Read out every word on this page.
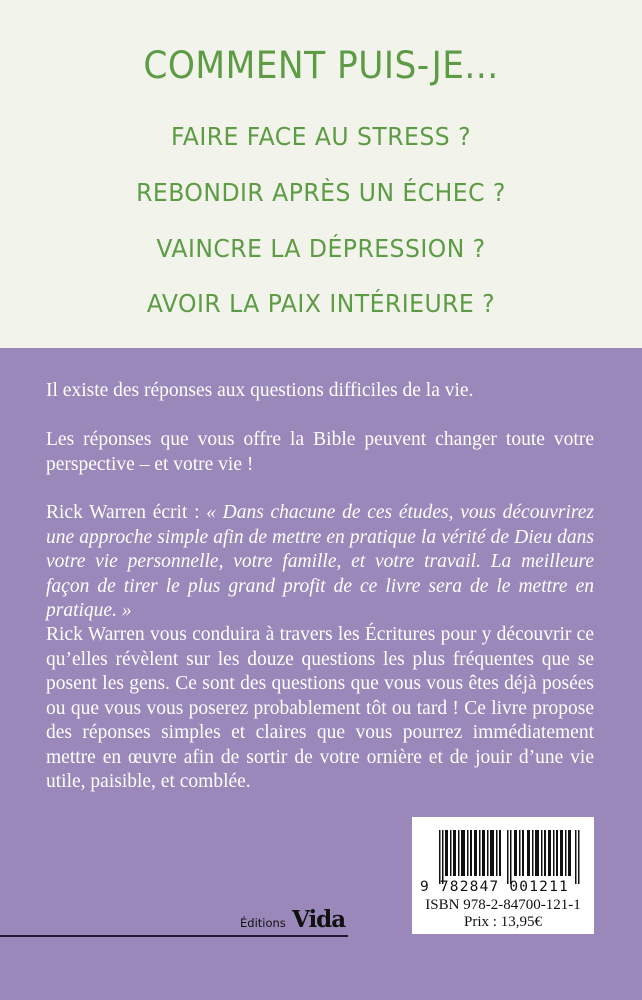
COMMENT PUIS-JE...
FAIRE FACE AU STRESS ?
REBONDIR APRÈS UN ÉCHEC ?
VAINCRE LA DÉPRESSION ?
AVOIR LA PAIX INTÉRIEURE ?
Il existe des réponses aux questions difficiles de la vie.
Les réponses que vous offre la Bible peuvent changer toute votre perspective – et votre vie !
Rick Warren écrit : « Dans chacune de ces études, vous découvrirez une approche simple afin de mettre en pratique la vérité de Dieu dans votre vie personnelle, votre famille, et votre travail. La meilleure façon de tirer le plus grand profit de ce livre sera de le mettre en pratique. »
Rick Warren vous conduira à travers les Écritures pour y découvrir ce qu’elles révèlent sur les douze questions les plus fréquentes que se posent les gens. Ce sont des questions que vous vous êtes déjà posées ou que vous vous poserez probablement tôt ou tard ! Ce livre propose des réponses simples et claires que vous pourrez immédiatement mettre en œuvre afin de sortir de votre ornière et de jouir d’une vie utile, paisible, et comblée.
9 782847 001211
ISBN 978-2-84700-121-1
Prix : 13,95€
Éditions Vida
